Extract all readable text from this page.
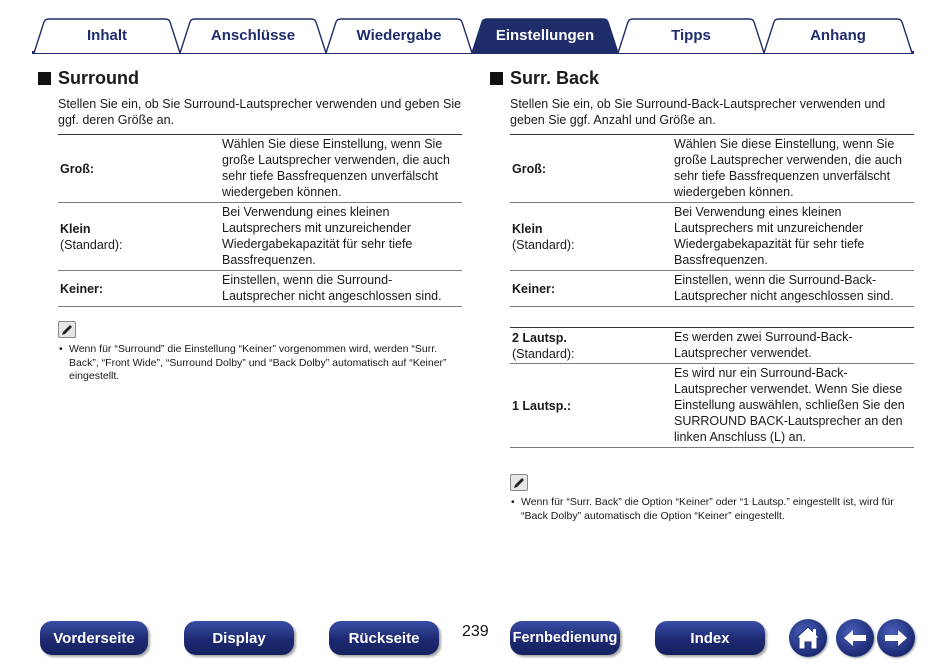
Inhalt	Anschlüsse	Wiedergabe	Einstellungen	Tipps	Anhang
Surround

Stellen Sie ein, ob Sie Surround-Lautsprecher verwenden und geben Sie ggf. deren Größe an.

Groß:	Wählen Sie diese Einstellung, wenn Sie große Lautsprecher verwenden, die auch sehr tiefe Bassfrequenzen unverfälscht wiedergeben können.

Klein
(Standard):	Bei Verwendung eines kleinen Lautsprechers mit unzureichender Wiedergabekapazität für sehr tiefe Bassfrequenzen.

Keiner:	Einstellen, wenn die Surround-Lautsprecher nicht angeschlossen sind.
• Wenn für “Surround” die Einstellung “Keiner” vorgenommen wird, werden “Surr. Back”, “Front Wide”, “Surround Dolby” und “Back Dolby” automatisch auf “Keiner” eingestellt.
Surr. Back

Stellen Sie ein, ob Sie Surround-Back-Lautsprecher verwenden und geben Sie ggf. Anzahl und Größe an.

Groß:	Wählen Sie diese Einstellung, wenn Sie große Lautsprecher verwenden, die auch sehr tiefe Bassfrequenzen unverfälscht wiedergeben können.

Klein
(Standard):	Bei Verwendung eines kleinen Lautsprechers mit unzureichender Wiedergabekapazität für sehr tiefe Bassfrequenzen.

Keiner:	Einstellen, wenn die Surround-Back-Lautsprecher nicht angeschlossen sind.
2 Lautsp.
(Standard):	Es werden zwei Surround-Back-Lautsprecher verwendet.

1 Lautsp.:	Es wird nur ein Surround-Back-Lautsprecher verwendet. Wenn Sie diese Einstellung auswählen, schließen Sie den SURROUND BACK-Lautsprecher an den linken Anschluss (L) an.
• Wenn für “Surr. Back” die Option “Keiner” oder “1 Lautsp.” eingestellt ist, wird für “Back Dolby” automatisch die Option “Keiner” eingestellt.
Vorderseite	Display	Rückseite	239 Fernbedienung	Index
